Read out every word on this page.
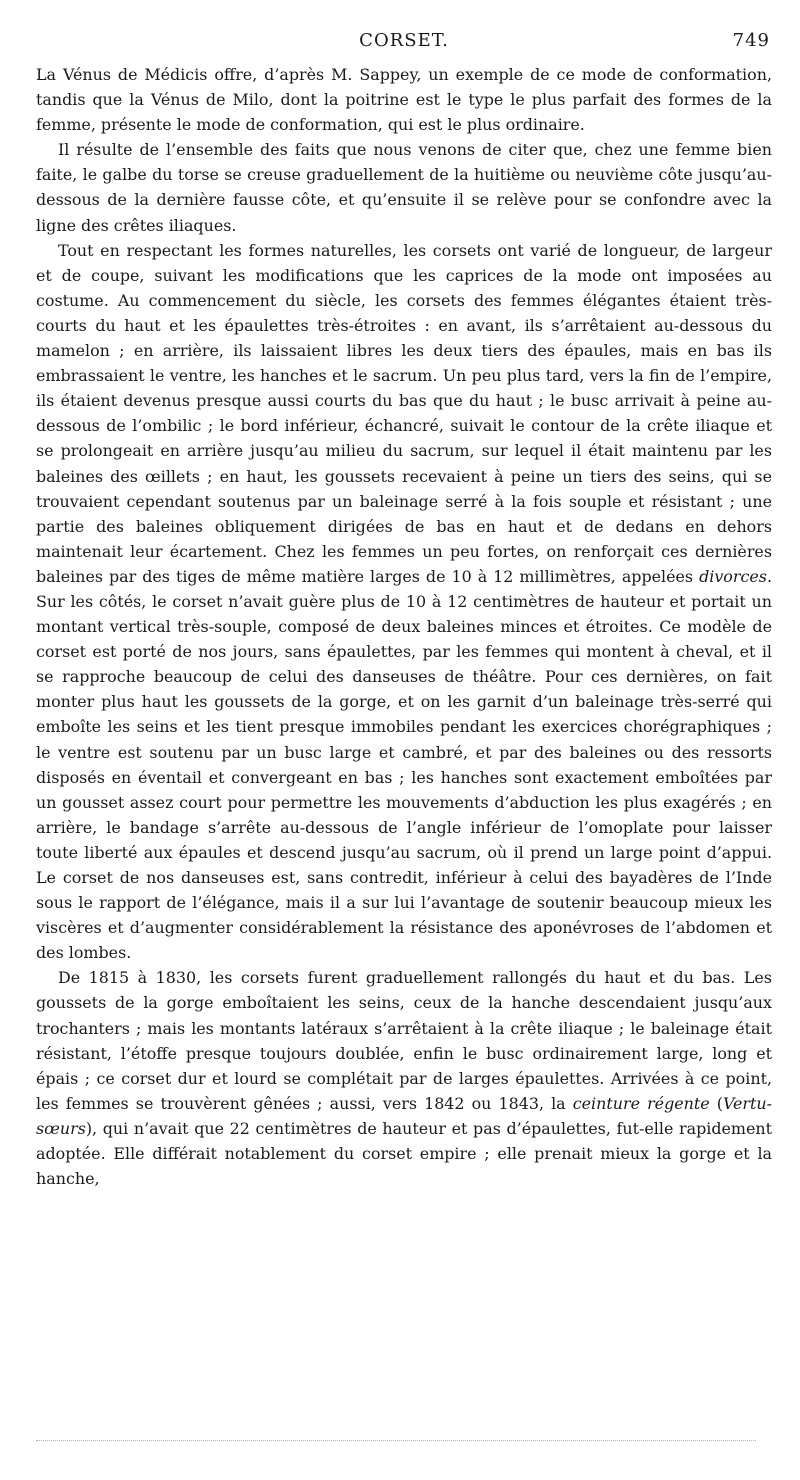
CORSET.	749

La Vénus de Médicis offre, d’après M. Sappey, un exemple de ce mode de conformation, tandis que la Vénus de Milo, dont la poitrine est le type le plus parfait des formes de la femme, présente le mode de conformation, qui est le plus ordinaire.

Il résulte de l’ensemble des faits que nous venons de citer que, chez une femme bien faite, le galbe du torse se creuse graduellement de la huitième ou neuvième côte jusqu’au-dessous de la dernière fausse côte, et qu’ensuite il se relève pour se confondre avec la ligne des crêtes iliaques.

Tout en respectant les formes naturelles, les corsets ont varié de longueur, de largeur et de coupe, suivant les modifications que les caprices de la mode ont imposées au costume. Au commencement du siècle, les corsets des femmes élégantes étaient très-courts du haut et les épaulettes très-étroites : en avant, ils s’arrêtaient au-dessous du mamelon ; en arrière, ils laissaient libres les deux tiers des épaules, mais en bas ils embrassaient le ventre, les hanches et le sacrum. Un peu plus tard, vers la fin de l’empire, ils étaient devenus presque aussi courts du bas que du haut ; le busc arrivait à peine au-dessous de l’ombilic ; le bord inférieur, échancré, suivait le contour de la crête iliaque et se prolongeait en arrière jusqu’au milieu du sacrum, sur lequel il était maintenu par les baleines des œillets ; en haut, les goussets recevaient à peine un tiers des seins, qui se trouvaient cependant soutenus par un baleinage serré à la fois souple et résistant ; une partie des baleines obliquement dirigées de bas en haut et de dedans en dehors maintenait leur écartement. Chez les femmes un peu fortes, on renforçait ces dernières baleines par des tiges de même matière larges de 10 à 12 millimètres, appelées divorces. Sur les côtés, le corset n’avait guère plus de 10 à 12 centimètres de hauteur et portait un montant vertical très-souple, composé de deux baleines minces et étroites. Ce modèle de corset est porté de nos jours, sans épaulettes, par les femmes qui montent à cheval, et il se rapproche beaucoup de celui des danseuses de théâtre. Pour ces dernières, on fait monter plus haut les goussets de la gorge, et on les garnit d’un baleinage très-serré qui emboîte les seins et les tient presque immobiles pendant les exercices chorégraphiques ; le ventre est soutenu par un busc large et cambré, et par des baleines ou des ressorts disposés en éventail et convergeant en bas ; les hanches sont exactement emboîtées par un gousset assez court pour permettre les mouvements d’abduction les plus exagérés ; en arrière, le bandage s’arrête au-dessous de l’angle inférieur de l’omoplate pour laisser toute liberté aux épaules et descend jusqu’au sacrum, où il prend un large point d’appui. Le corset de nos danseuses est, sans contredit, inférieur à celui des bayadères de l’Inde sous le rapport de l’élégance, mais il a sur lui l’avantage de soutenir beaucoup mieux les viscères et d’augmenter considérablement la résistance des aponévroses de l’abdomen et des lombes.

De 1815 à 1830, les corsets furent graduellement rallongés du haut et du bas. Les goussets de la gorge emboîtaient les seins, ceux de la hanche descendaient jusqu’aux trochanters ; mais les montants latéraux s’arrêtaient à la crête iliaque ; le baleinage était résistant, l’étoffe presque toujours doublée, enfin le busc ordinairement large, long et épais ; ce corset dur et lourd se complétait par de larges épaulettes. Arrivées à ce point, les femmes se trouvèrent gênées ; aussi, vers 1842 ou 1843, la ceinture régente (Vertu-sœurs), qui n’avait que 22 centimètres de hauteur et pas d’épaulettes, fut-elle rapidement adoptée. Elle différait notablement du corset empire ; elle prenait mieux la gorge et la hanche,
